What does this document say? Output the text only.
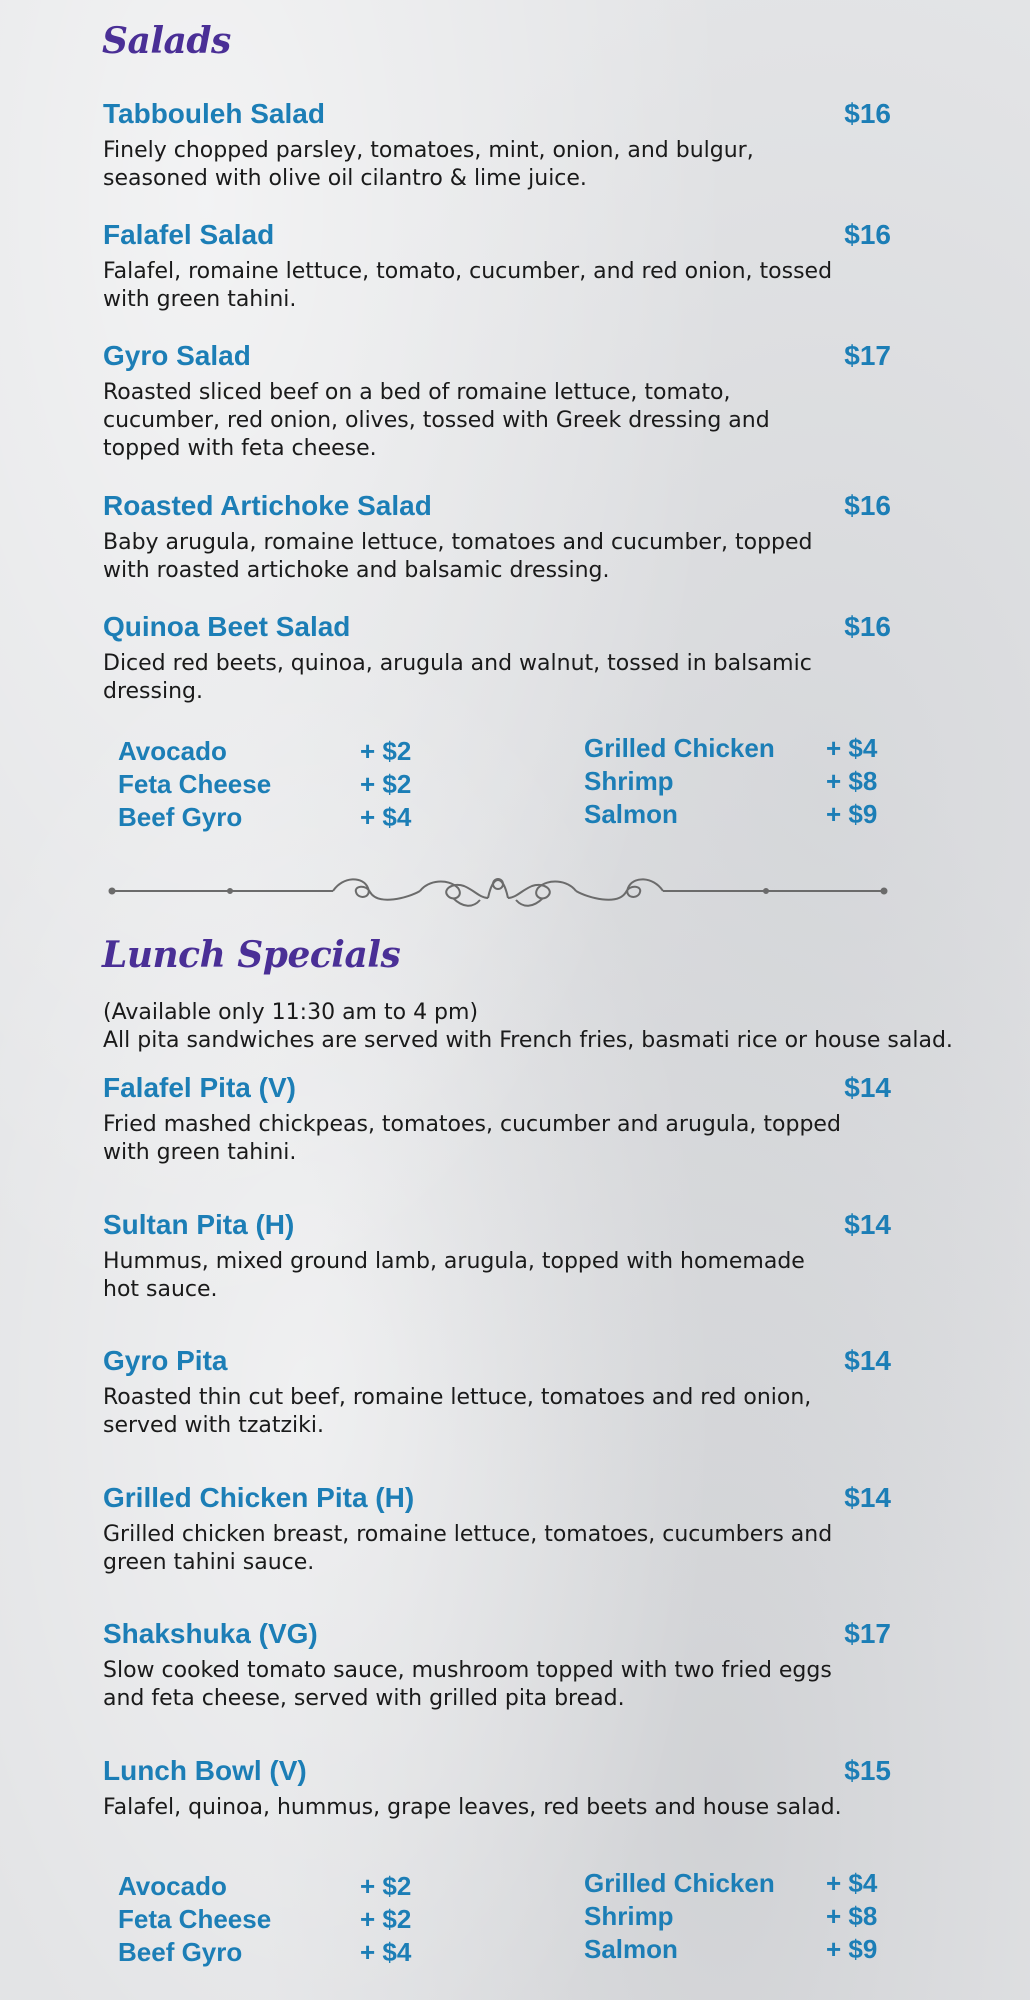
Salads
Tabbouleh Salad	$16
Finely chopped parsley, tomatoes, mint, onion, and bulgur, seasoned with olive oil cilantro & lime juice.
Falafel Salad	$16
Falafel, romaine lettuce, tomato, cucumber, and red onion, tossed with green tahini.
Gyro Salad	$17
Roasted sliced beef on a bed of romaine lettuce, tomato, cucumber, red onion, olives, tossed with Greek dressing and topped with feta cheese.
Roasted Artichoke Salad	$16
Baby arugula, romaine lettuce, tomatoes and cucumber, topped with roasted artichoke and balsamic dressing.
Quinoa Beet Salad	$16
Diced red beets, quinoa, arugula and walnut, tossed in balsamic dressing.
Avocado	+ $2
Feta Cheese	+ $2
Beef Gyro	+ $4
Grilled Chicken + $4
Shrimp	+ $8
Salmon	+ $9
Lunch Specials
(Available only 11:30 am to 4 pm)
All pita sandwiches are served with French fries, basmati rice or house salad.
Falafel Pita (V)	$14
Fried mashed chickpeas, tomatoes, cucumber and arugula, topped with green tahini.
Sultan Pita (H)	$14
Hummus, mixed ground lamb, arugula, topped with homemade hot sauce.
Gyro Pita	$14
Roasted thin cut beef, romaine lettuce, tomatoes and red onion, served with tzatziki.
Grilled Chicken Pita (H)	$14
Grilled chicken breast, romaine lettuce, tomatoes, cucumbers and green tahini sauce.
Shakshuka (VG)	$17
Slow cooked tomato sauce, mushroom topped with two fried eggs and feta cheese, served with grilled pita bread.
Lunch Bowl (V)	$15
Falafel, quinoa, hummus, grape leaves, red beets and house salad.
Avocado	+ $2
Feta Cheese	+ $2
Beef Gyro	+ $4
Grilled Chicken + $4
Shrimp	+ $8
Salmon	+ $9
